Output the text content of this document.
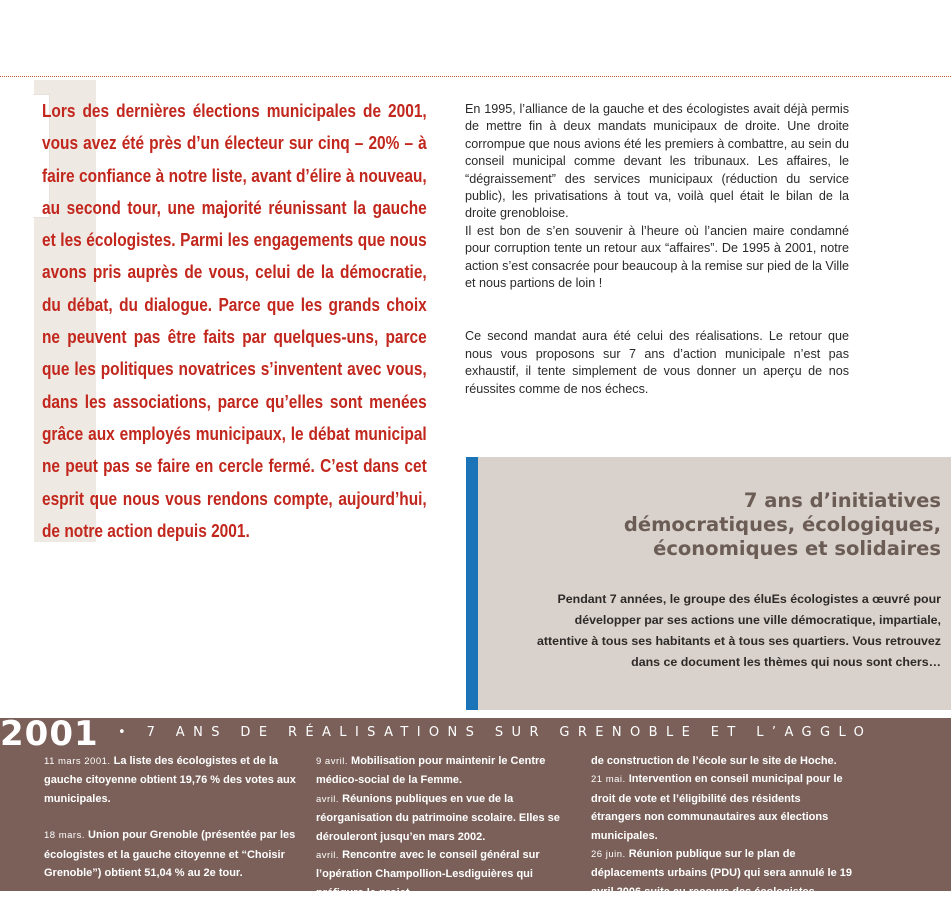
Lors des dernières élections municipales de 2001, vous avez été près d’un électeur sur cinq – 20% – à faire confiance à notre liste, avant d’élire à nouveau, au second tour, une majorité réunissant la gauche et les écologistes. Parmi les engagements que nous avons pris auprès de vous, celui de la démocratie, du débat, du dialogue. Parce que les grands choix ne peuvent pas être faits par quelques-uns, parce que les politiques novatrices s’inventent avec vous, dans les associations, parce qu’elles sont menées grâce aux employés municipaux, le débat municipal ne peut pas se faire en cercle fermé. C’est dans cet esprit que nous vous rendons compte, aujourd’hui, de notre action depuis 2001.

En 1995, l’alliance de la gauche et des écologistes avait déjà permis de mettre fin à deux mandats municipaux de droite. Une droite corrompue que nous avions été les premiers à combattre, au sein du conseil municipal comme devant les tribunaux. Les affaires, le “dégraissement” des services municipaux (réduction du service public), les privatisations à tout va, voilà quel était le bilan de la droite grenobloise.

Il est bon de s’en souvenir à l’heure où l’ancien maire condamné pour corruption tente un retour aux “affaires”. De 1995 à 2001, notre action s’est consacrée pour beaucoup à la remise sur pied de la Ville et nous partions de loin !

Ce second mandat aura été celui des réalisations. Le retour que nous vous proposons sur 7 ans d’action municipale n’est pas exhaustif, il tente simplement de vous donner un aperçu de nos réussites comme de nos échecs.

7 ans d’initiatives
démocratiques, écologiques,
économiques et solidaires

Pendant 7 années, le groupe des éluEs écologistes a œuvré pour développer par ses actions une ville démocratique, impartiale, attentive à tous ses habitants et à tous ses quartiers. Vous retrouvez dans ce document les thèmes qui nous sont chers…

2001 • 7 ANS DE RÉALISATIONS SUR GRENOBLE ET L’AGGLO

11 mars 2001. La liste des écologistes et de la gauche citoyenne obtient 19,76 % des votes aux municipales.

18 mars. Union pour Grenoble (présentée par les écologistes et la gauche citoyenne et “Choisir Grenoble”) obtient 51,04 % au 2e tour.

9 avril. Mobilisation pour maintenir le Centre médico-social de la Femme.

avril. Réunions publiques en vue de la réorganisation du patrimoine scolaire. Elles se dérouleront jusqu’en mars 2002.

avril. Rencontre avec le conseil général sur l’opération Champollion-Lesdiguières qui préfigure le projet

de construction de l’école sur le site de Hoche.

21 mai. Intervention en conseil municipal pour le droit de vote et l’éligibilité des résidents étrangers non communautaires aux élections municipales.

26 juin. Réunion publique sur le plan de déplacements urbains (PDU) qui sera annulé le 19 avril 2006 suite au recours des écologistes.
